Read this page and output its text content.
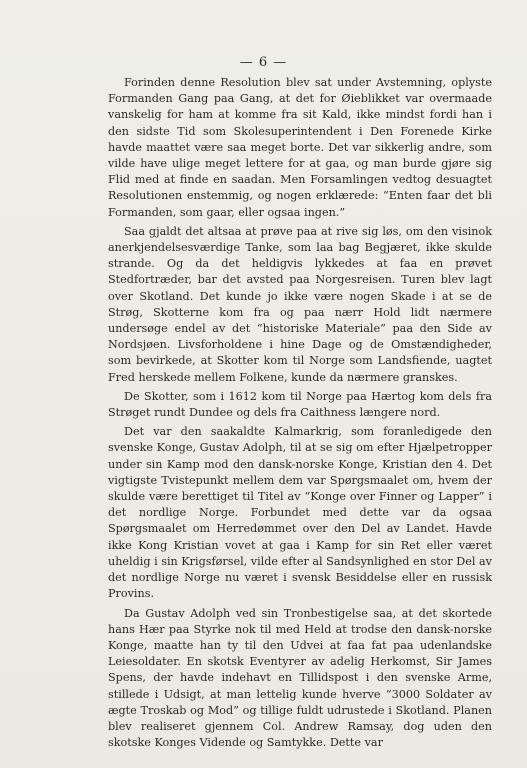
— 6 —

Forinden denne Resolution blev sat under Avstemning, oplyste Formanden Gang paa Gang, at det for Øieblikket var overmaade vanskelig for ham at komme fra sit Kald, ikke mindst fordi han i den sidste Tid som Skolesuperintendent i Den Forenede Kirke havde maattet være saa meget borte. Det var sikkerlig andre, som vilde have ulige meget lettere for at gaa, og man burde gjøre sig Flid med at finde en saadan. Men Forsamlingen vedtog desuagtet Resolutionen enstemmig, og nogen erklærede: “Enten faar det bli Formanden, som gaar, eller ogsaa ingen.”

Saa gjaldt det altsaa at prøve paa at rive sig løs, om den visinok anerkjendelsesværdige Tanke, som laa bag Begjæret, ikke skulde strande. Og da det heldigvis lykkedes at faa en prøvet Stedfortræder, bar det avsted paa Norgesreisen. Turen blev lagt over Skotland. Det kunde jo ikke være nogen Skade i at se de Strøg, Skotterne kom fra og paa nærr Hold lidt nærmere undersøge endel av det “historiske Materiale” paa den Side av Nordsjøen. Livsforholdene i hine Dage og de Omstændigheder, som bevirkede, at Skotter kom til Norge som Landsfiende, uagtet Fred herskede mellem Folkene, kunde da nærmere granskes.

De Skotter, som i 1612 kom til Norge paa Hærtog kom dels fra Strøget rundt Dundee og dels fra Caithness længere nord.

Det var den saakaldte Kalmarkrig, som foranledigede den svenske Konge, Gustav Adolph, til at se sig om efter Hjælpetropper under sin Kamp mod den dansk-norske Konge, Kristian den 4. Det vigtigste Tvistepunkt mellem dem var Spørgsmaalet om, hvem der skulde være berettiget til Titel av “Konge over Finner og Lapper” i det nordlige Norge. Forbundet med dette var da ogsaa Spørgsmaalet om Herredømmet over den Del av Landet. Havde ikke Kong Kristian vovet at gaa i Kamp for sin Ret eller været uheldig i sin Krigsførsel, vilde efter al Sandsynlighed en stor Del av det nordlige Norge nu været i svensk Besiddelse eller en russisk Provins.

Da Gustav Adolph ved sin Tronbestigelse saa, at det skortede hans Hær paa Styrke nok til med Held at trodse den dansk-norske Konge, maatte han ty til den Udvei at faa fat paa udenlandske Leiesoldater. En skotsk Eventyrer av adelig Herkomst, Sir James Spens, der havde indehavt en Tillidspost i den svenske Arme, stillede i Udsigt, at man lettelig kunde hverve “3000 Soldater av ægte Troskab og Mod” og tillige fuldt udrustede i Skotland. Planen blev realiseret gjennem Col. Andrew Ramsay, dog uden den skotske Konges Vidende og Samtykke. Dette var
